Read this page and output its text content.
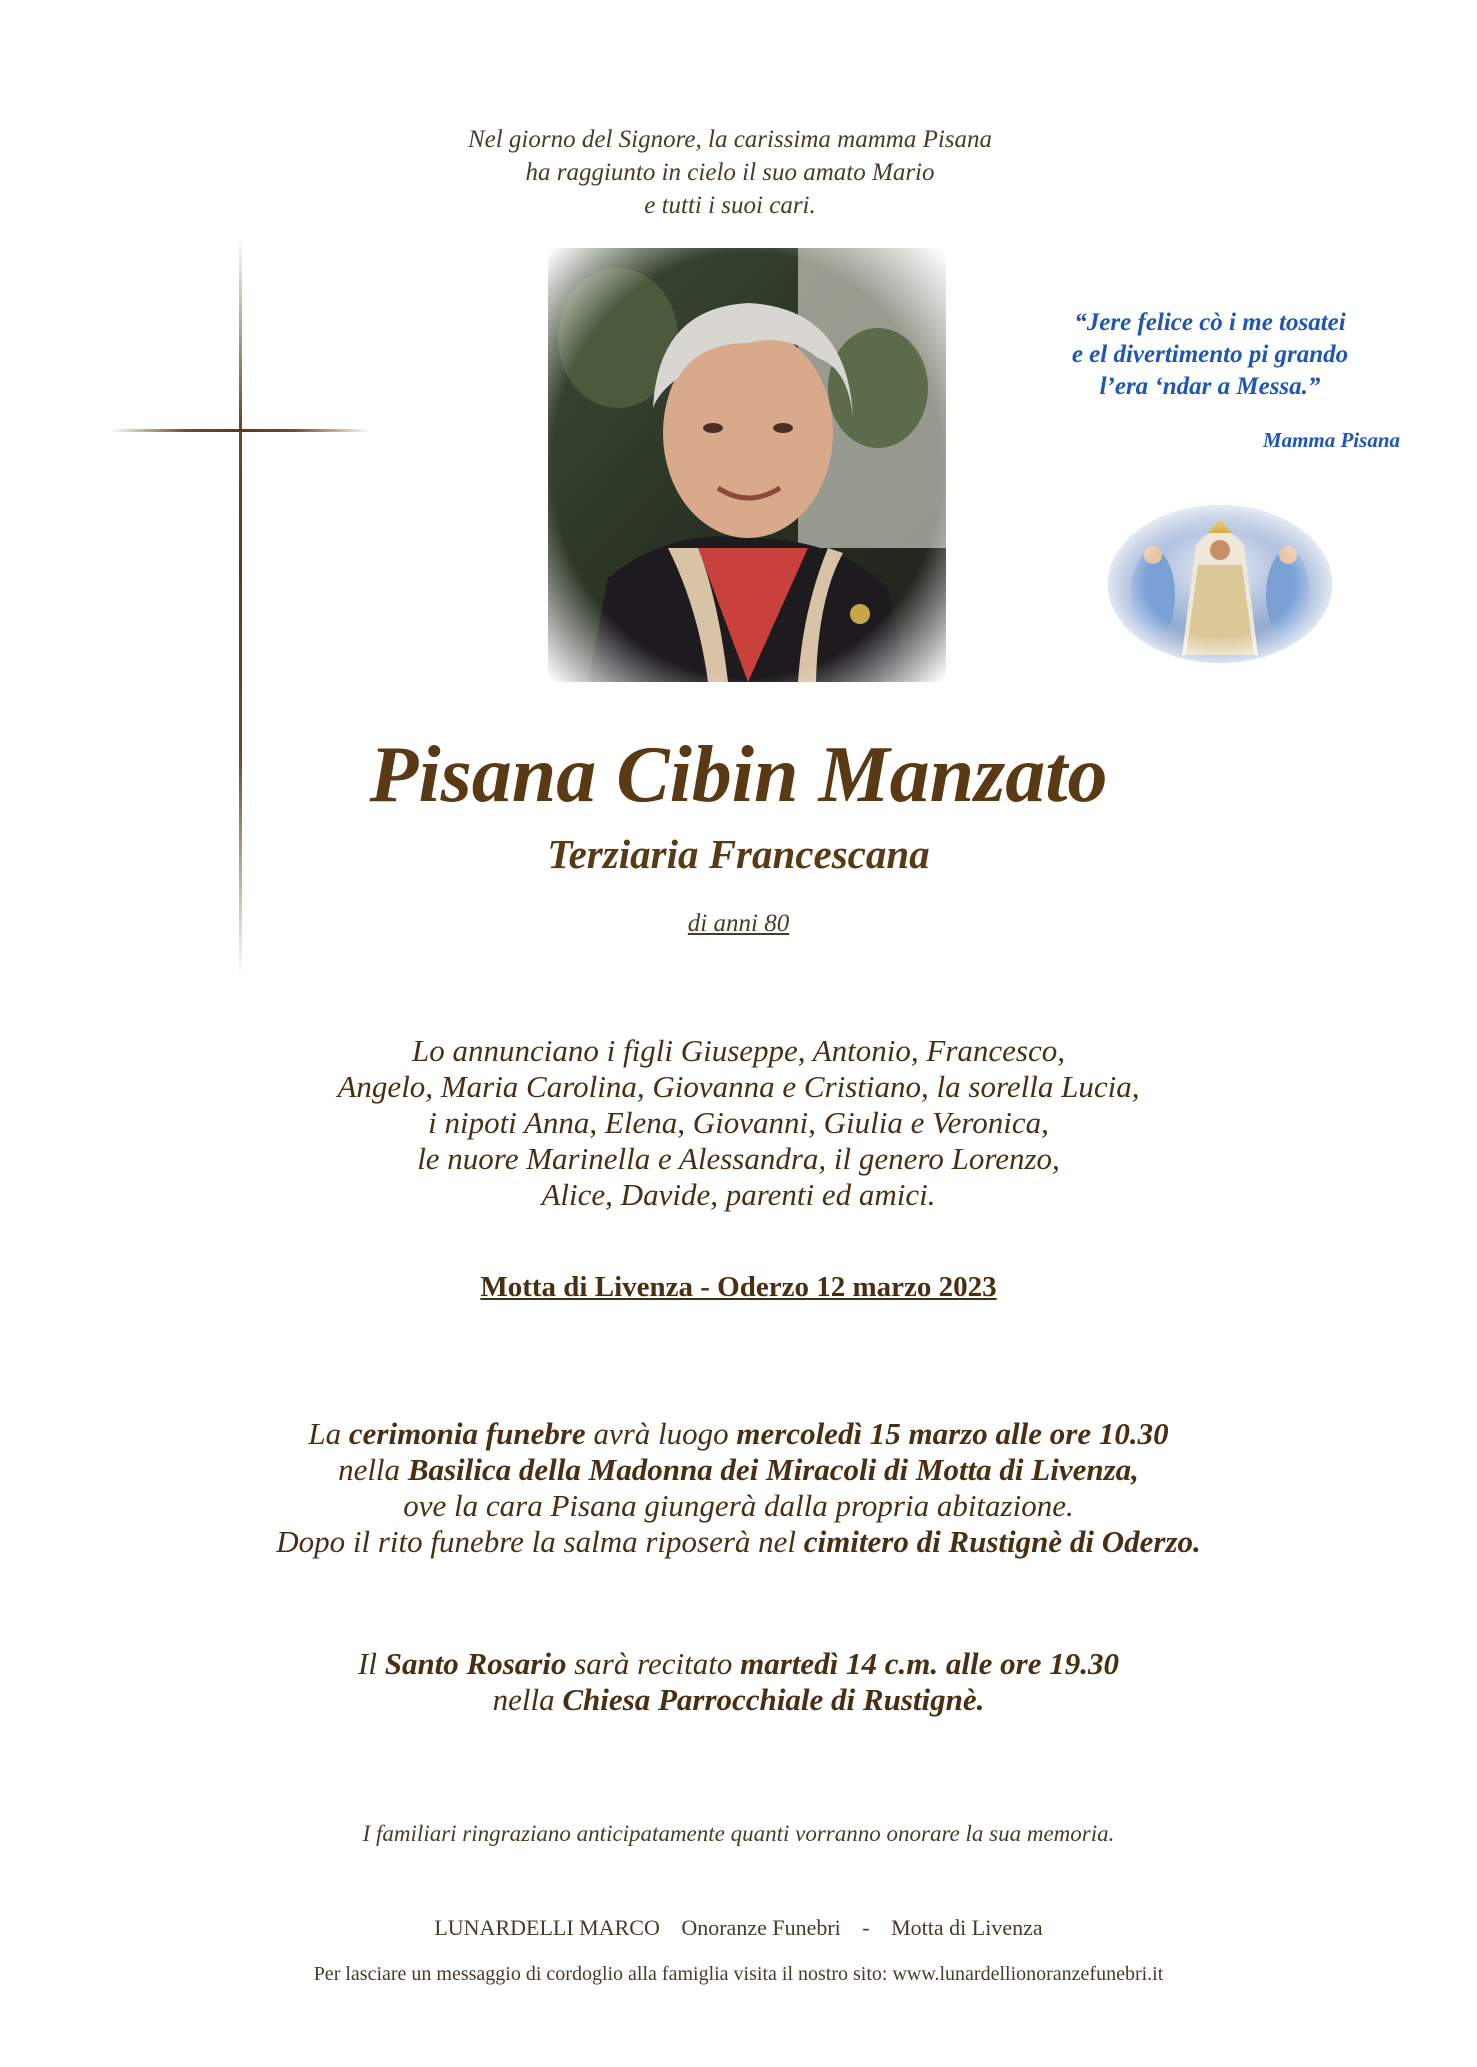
Nel giorno del Signore, la carissima mamma Pisana
ha raggiunto in cielo il suo amato Mario
e tutti i suoi cari.
“Jere felice cò i me tosatei
e el divertimento pi grando
l’era ‘ndar a Messa.”
Mamma Pisana
Pisana Cibin Manzato
Terziaria Francescana
di anni 80
Lo annunciano i figli Giuseppe, Antonio, Francesco,
Angelo, Maria Carolina, Giovanna e Cristiano, la sorella Lucia,
i nipoti Anna, Elena, Giovanni, Giulia e Veronica,
le nuore Marinella e Alessandra, il genero Lorenzo,
Alice, Davide, parenti ed amici.
Motta di Livenza - Oderzo 12 marzo 2023
La cerimonia funebre avrà luogo mercoledì 15 marzo alle ore 10.30
nella Basilica della Madonna dei Miracoli di Motta di Livenza,
ove la cara Pisana giungerà dalla propria abitazione.
Dopo il rito funebre la salma riposerà nel cimitero di Rustignè di Oderzo.
Il Santo Rosario sarà recitato martedì 14 c.m. alle ore 19.30
nella Chiesa Parrocchiale di Rustignè.
I familiari ringraziano anticipatamente quanti vorranno onorare la sua memoria.
LUNARDELLI MARCO Onoranze Funebri - Motta di Livenza
Per lasciare un messaggio di cordoglio alla famiglia visita il nostro sito: www.lunardellionoranzefunebri.it
